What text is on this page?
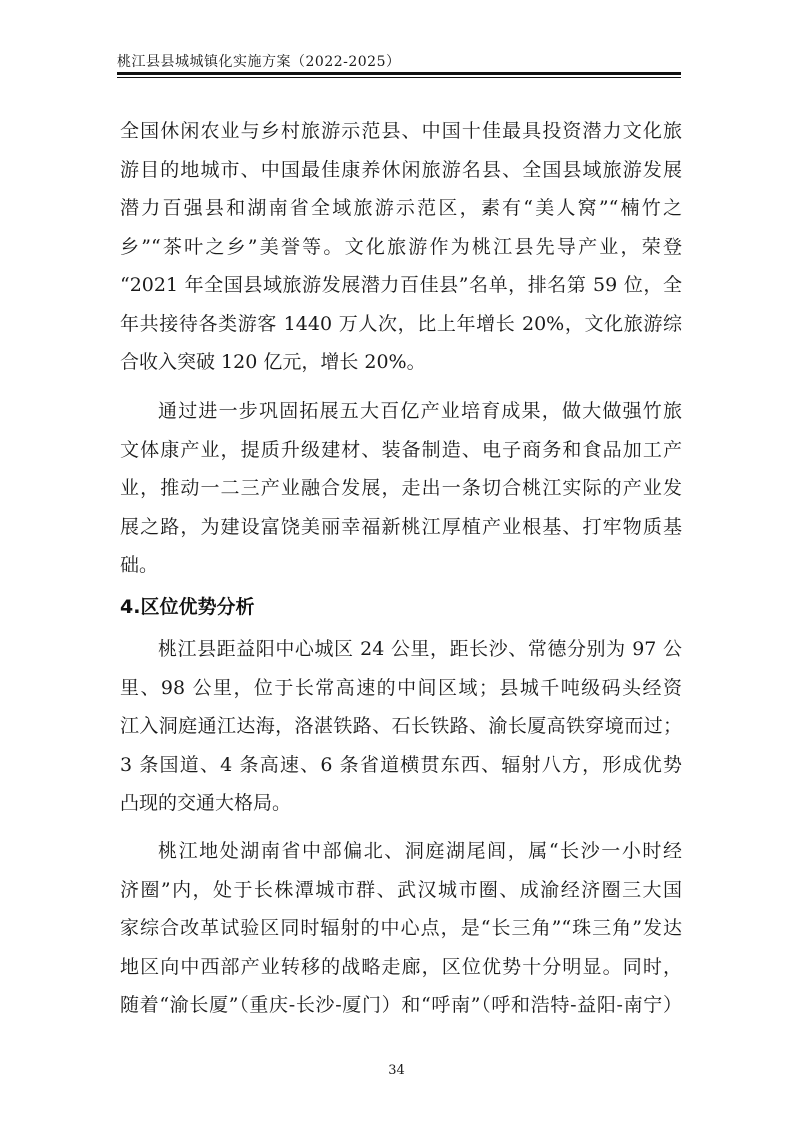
桃江县县城城镇化实施方案（2022-2025）
全国休闲农业与乡村旅游示范县、中国十佳最具投资潜力文化旅
游目的地城市、中国最佳康养休闲旅游名县、全国县域旅游发展
潜力百强县和湖南省全域旅游示范区，素有“美人窝”“楠竹之
乡”“茶叶之乡”美誉等。文化旅游作为桃江县先导产业，荣登
“2021 年全国县域旅游发展潜力百佳县”名单，排名第 59 位，全
年共接待各类游客 1440 万人次，比上年增长 20%，文化旅游综
合收入突破 120 亿元，增长 20%。
通过进一步巩固拓展五大百亿产业培育成果，做大做强竹旅
文体康产业，提质升级建材、装备制造、电子商务和食品加工产
业，推动一二三产业融合发展，走出一条切合桃江实际的产业发
展之路，为建设富饶美丽幸福新桃江厚植产业根基、打牢物质基
础。
4.区位优势分析
桃江县距益阳中心城区 24 公里，距长沙、常德分别为 97 公
里、98 公里，位于长常高速的中间区域；县城千吨级码头经资
江入洞庭通江达海，洛湛铁路、石长铁路、渝长厦高铁穿境而过；
3 条国道、4 条高速、6 条省道横贯东西、辐射八方，形成优势
凸现的交通大格局。
桃江地处湖南省中部偏北、洞庭湖尾闾，属“长沙一小时经
济圈”内，处于长株潭城市群、武汉城市圈、成渝经济圈三大国
家综合改革试验区同时辐射的中心点，是“长三角”“珠三角”发达
地区向中西部产业转移的战略走廊，区位优势十分明显。同时，
随着“渝长厦”（重庆-长沙-厦门）和“呼南”（呼和浩特-益阳-南宁）
34
